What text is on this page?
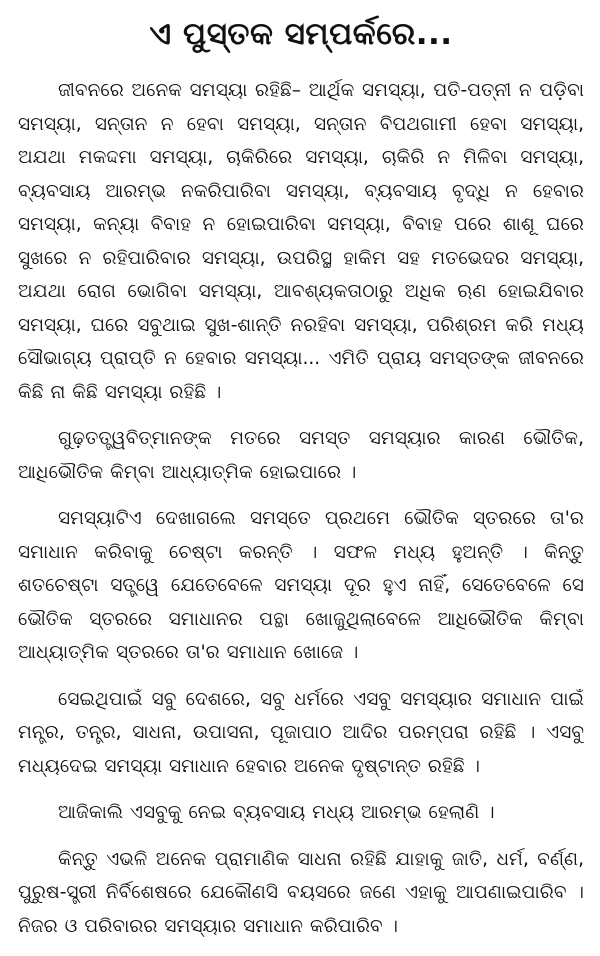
ଏ ପୁସ୍ତକ ସମ୍ପର୍କରେ...

ଜୀବନରେ ଅନେକ ସମସ୍ୟା ରହିଛି– ଆର୍ଥିକ ସମସ୍ୟା, ପତି-ପତ୍ନୀ ନ ପଡ଼ିବା ସମସ୍ୟା, ସନ୍ତାନ ନ ହେବା ସମସ୍ୟା, ସନ୍ତାନ ବିପଥଗାମୀ ହେବା ସମସ୍ୟା, ଅଯଥା ମକଦ୍ଦମା ସମସ୍ୟା, ଚାକିରିରେ ସମସ୍ୟା, ଚାକିରି ନ ମିଳିବା ସମସ୍ୟା, ବ୍ୟବସାୟ ଆରମ୍ଭ ନକରିପାରିବା ସମସ୍ୟା, ବ୍ୟବସାୟ ବୃଦ୍ଧି ନ ହେବାର ସମସ୍ୟା, କନ୍ୟା ବିବାହ ନ ହୋଇପାରିବା ସମସ୍ୟା, ବିବାହ ପରେ ଶାଶୂ ଘରେ ସୁଖରେ ନ ରହିପାରିବାର ସମସ୍ୟା, ଉପରିସ୍ଥ ହାକିମ ସହ ମତଭେଦର ସମସ୍ୟା, ଅଯଥା ରୋଗ ଭୋଗିବା ସମସ୍ୟା, ଆବଶ୍ୟକତାଠାରୁ ଅଧିକ ଋଣ ହୋଇଯିବାର ସମସ୍ୟା, ଘରେ ସବୁଥାଇ ସୁଖ-ଶାନ୍ତି ନରହିବା ସମସ୍ୟା, ପରିଶ୍ରମ କରି ମଧ୍ୟ ସୌଭାଗ୍ୟ ପ୍ରାପ୍ତି ନ ହେବାର ସମସ୍ୟା... ଏମିତି ପ୍ରାୟ ସମସ୍ତଙ୍କ ଜୀବନରେ କିଛି ନା କିଛି ସମସ୍ୟା ରହିଛି ।

ଗୁଢ଼ତତ୍ତ୍ୱବିତ୍‌ମାନଙ୍କ ମତରେ ସମସ୍ତ ସମସ୍ୟାର କାରଣ ଭୌତିକ, ଆଧିଭୌତିକ କିମ୍ବା ଆଧ୍ୟାତ୍ମିକ ହୋଇପାରେ ।

ସମସ୍ୟାଟିଏ ଦେଖାଗଲେ ସମସ୍ତେ ପ୍ରଥମେ ଭୌତିକ ସ୍ତରରେ ତା'ର ସମାଧାନ କରିବାକୁ ଚେଷ୍ଟା କରନ୍ତି । ସଫଳ ମଧ୍ୟ ହୁଅନ୍ତି । କିନ୍ତୁ ଶତଚେଷ୍ଟା ସତ୍ତ୍ୱେ ଯେତେବେଳେ ସମସ୍ୟା ଦୂର ହୁଏ ନାହିଁ, ସେତେବେଳେ ସେ ଭୌତିକ ସ୍ତରରେ ସମାଧାନର ପନ୍ଥା ଖୋଜୁଥିଲାବେଳେ ଆଧିଭୌତିକ କିମ୍ବା ଆଧ୍ୟାତ୍ମିକ ସ୍ତରରେ ତା'ର ସମାଧାନ ଖୋଜେ ।

ସେଇଥିପାଇଁ ସବୁ ଦେଶରେ, ସବୁ ଧର୍ମରେ ଏସବୁ ସମସ୍ୟାର ସମାଧାନ ପାଇଁ ମନ୍ତ୍ର, ତନ୍ତ୍ର, ସାଧନା, ଉପାସନା, ପୂଜାପାଠ ଆଦିର ପରମ୍ପରା ରହିଛି । ଏସବୁ ମଧ୍ୟଦେଇ ସମସ୍ୟା ସମାଧାନ ହେବାର ଅନେକ ଦୃଷ୍ଟାନ୍ତ ରହିଛି ।

ଆଜିକାଲି ଏସବୁକୁ ନେଇ ବ୍ୟବସାୟ ମଧ୍ୟ ଆରମ୍ଭ ହେଲାଣି ।

କିନ୍ତୁ ଏଭଳି ଅନେକ ପ୍ରାମାଣିକ ସାଧନା ରହିଛି ଯାହାକୁ ଜାତି, ଧର୍ମ, ବର୍ଣ୍ଣ, ପୁରୁଷ-ସ୍ତ୍ରୀ ନିର୍ବିଶେଷରେ ଯେକୌଣସି ବୟସରେ ଜଣେ ଏହାକୁ ଆପଣାଇପାରିବ । ନିଜର ଓ ପରିବାରର ସମସ୍ୟାର ସମାଧାନ କରିପାରିବ ।
